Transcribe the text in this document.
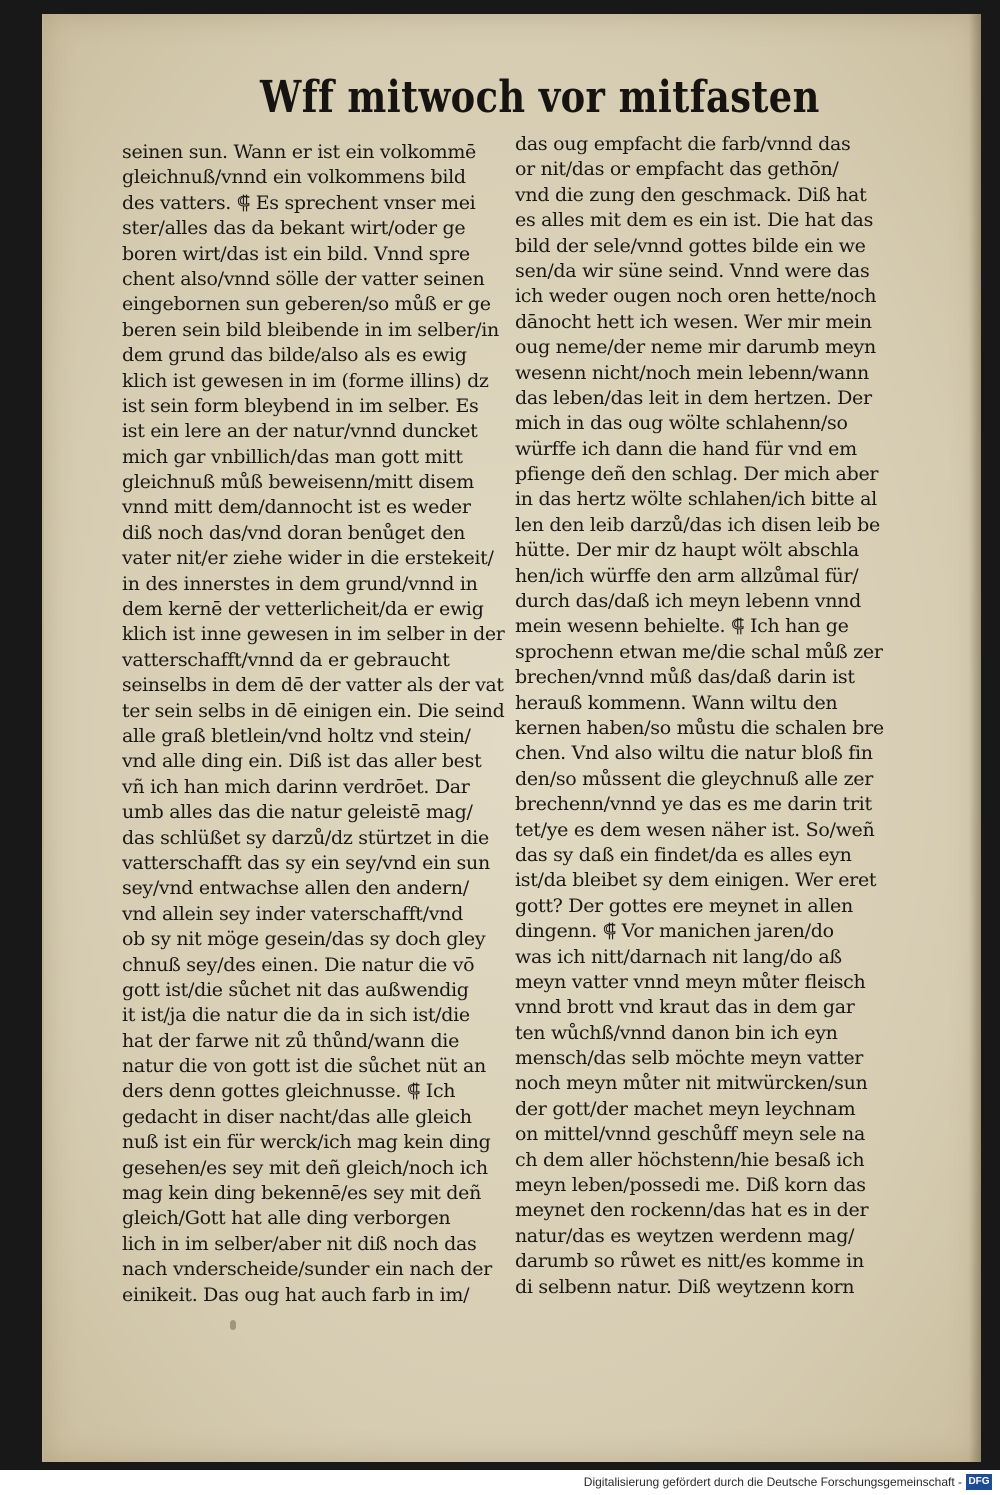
Wff mitwoch vor mitfasten
seinen sun. Wann er ist ein volkommē
gleichnuß/vnnd ein volkommens bild
des vatters. ⸿ Es sprechent vnser mei
ster/alles das da bekant wirt/oder ge
boren wirt/das ist ein bild. Vnnd spre
chent also/vnnd sölle der vatter seinen
eingebornen sun geberen/so můß er ge
beren sein bild bleibende in im selber/in
dem grund das bilde/also als es ewig
klich ist gewesen in im (forme illins) dz
ist sein form bleybend in im selber. Es
ist ein lere an der natur/vnnd duncket
mich gar vnbillich/das man gott mitt
gleichnuß můß beweisenn/mitt disem
vnnd mitt dem/dannocht ist es weder
diß noch das/vnd doran benůget den
vater nit/er ziehe wider in die erstekeit/
in des innerstes in dem grund/vnnd in
dem kernē der vetterlicheit/da er ewig
klich ist inne gewesen in im selber in der
vatterschafft/vnnd da er gebraucht
seinselbs in dem dē der vatter als der vat
ter sein selbs in dē einigen ein. Die seind
alle graß bletlein/vnd holtz vnd stein/
vnd alle ding ein. Diß ist das aller best
vñ ich han mich darinn verdrōet. Dar
umb alles das die natur geleistē mag/
das schlüßet sy darzů/dz stürtzet in die
vatterschafft das sy ein sey/vnd ein sun
sey/vnd entwachse allen den andern/
vnd allein sey inder vaterschafft/vnd
ob sy nit möge gesein/das sy doch gley
chnuß sey/des einen. Die natur die vō
gott ist/die sůchet nit das außwendig
it ist/ja die natur die da in sich ist/die
hat der farwe nit zů thůnd/wann die
natur die von gott ist die sůchet nüt an
ders denn gottes gleichnusse. ⸿ Ich
gedacht in diser nacht/das alle gleich
nuß ist ein für werck/ich mag kein ding
gesehen/es sey mit deñ gleich/noch ich
mag kein ding bekennē/es sey mit deñ
gleich/Gott hat alle ding verborgen
lich in im selber/aber nit diß noch das
nach vnderscheide/sunder ein nach der
einikeit. Das oug hat auch farb in im/
das oug empfacht die farb/vnnd das
or nit/das or empfacht das gethōn/
vnd die zung den geschmack. Diß hat
es alles mit dem es ein ist. Die hat das
bild der sele/vnnd gottes bilde ein we
sen/da wir süne seind. Vnnd were das
ich weder ougen noch oren hette/noch
dānocht hett ich wesen. Wer mir mein
oug neme/der neme mir darumb meyn
wesenn nicht/noch mein lebenn/wann
das leben/das leit in dem hertzen. Der
mich in das oug wölte schlahenn/so
würffe ich dann die hand für vnd em
pfienge deñ den schlag. Der mich aber
in das hertz wölte schlahen/ich bitte al
len den leib darzů/das ich disen leib be
hütte. Der mir dz haupt wölt abschla
hen/ich würffe den arm allzůmal für/
durch das/daß ich meyn lebenn vnnd
mein wesenn behielte. ⸿ Ich han ge
sprochenn etwan me/die schal můß zer
brechen/vnnd můß das/daß darin ist
herauß kommenn. Wann wiltu den
kernen haben/so můstu die schalen bre
chen. Vnd also wiltu die natur bloß fin
den/so můssent die gleychnuß alle zer
brechenn/vnnd ye das es me darin trit
tet/ye es dem wesen näher ist. So/weñ
das sy daß ein findet/da es alles eyn
ist/da bleibet sy dem einigen. Wer eret
gott? Der gottes ere meynet in allen
dingenn. ⸿ Vor manichen jaren/do
was ich nitt/darnach nit lang/do aß
meyn vatter vnnd meyn můter fleisch
vnnd brott vnd kraut das in dem gar
ten wůchß/vnnd danon bin ich eyn
mensch/das selb möchte meyn vatter
noch meyn můter nit mitwürcken/sun
der gott/der machet meyn leychnam
on mittel/vnnd geschůff meyn sele na
ch dem aller höchstenn/hie besaß ich
meyn leben/possedi me. Diß korn das
meynet den rockenn/das hat es in der
natur/das es weytzen werdenn mag/
darumb so růwet es nitt/es komme in
di selbenn natur. Diß weytzenn korn
Digitalisierung gefördert durch die Deutsche Forschungsgemeinschaft - DFG
